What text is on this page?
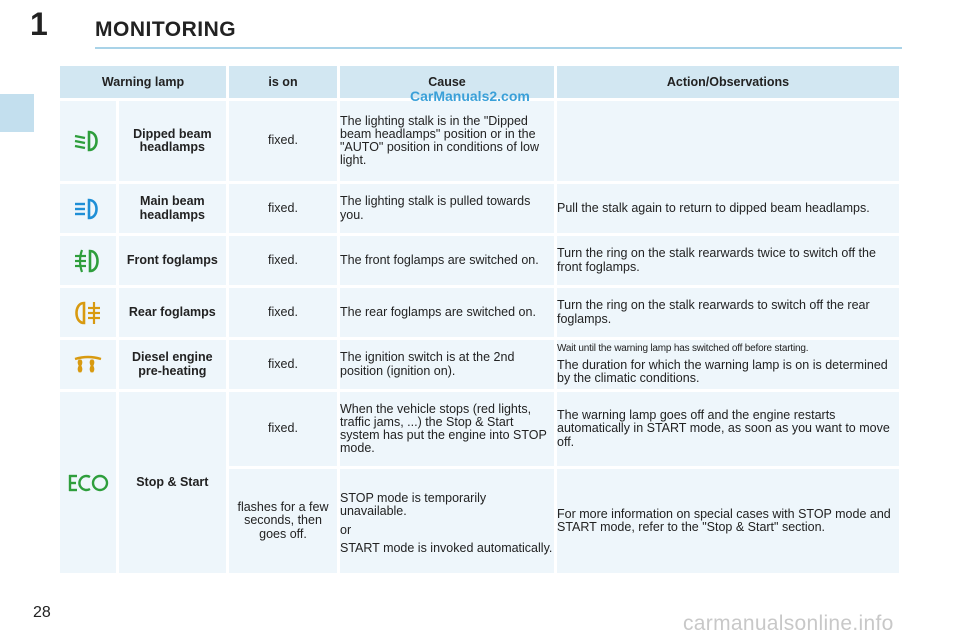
1 MONITORING
Warning lamp		is on	Cause	Action/Observations
	Dipped beam headlamps	fixed.	The lighting stalk is in the "Dipped beam headlamps" position or in the "AUTO" position in conditions of low light.	
	Main beam headlamps	fixed.	The lighting stalk is pulled towards you.	Pull the stalk again to return to dipped beam headlamps.
	Front foglamps	fixed.	The front foglamps are switched on.	Turn the ring on the stalk rearwards twice to switch off the front foglamps.
	Rear foglamps	fixed.	The rear foglamps are switched on.	Turn the ring on the stalk rearwards to switch off the rear foglamps.
	Diesel engine pre-heating	fixed.	The ignition switch is at the 2nd position (ignition on).	Wait until the warning lamp has switched off before starting.
The duration for which the warning lamp is on is determined by the climatic conditions.
	Stop & Start	fixed.	When the vehicle stops (red lights, traffic jams, ...) the Stop & Start system has put the engine into STOP mode.	The warning lamp goes off and the engine restarts automatically in START mode, as soon as you want to move off.
		flashes for a few seconds, then goes off.	STOP mode is temporarily unavailable.
or
START mode is invoked automatically.	For more information on special cases with STOP mode and START mode, refer to the "Stop & Start" section.
CarManuals2.com
28	carmanualsonline.info
